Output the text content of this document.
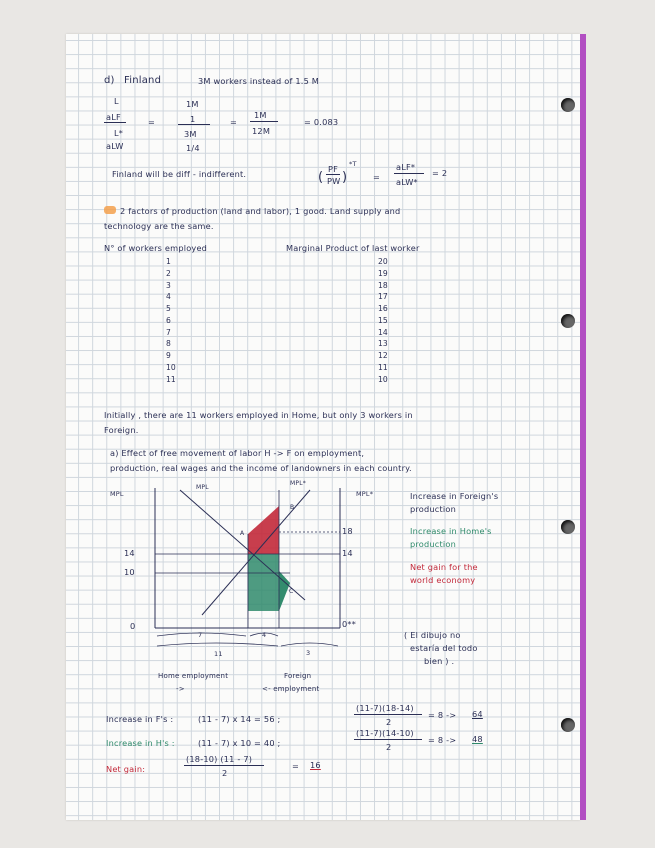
d) Finland	3M workers instead of 1.5 M
L
aLF
L*
aLW
=
1M
1
3M
1/4
=
1M
12M
= 0.083
Finland will be diff - indifferent.	(
PF
PW )
*T
=
aLF*
aLW*
= 2
2 factors of production (land and labor), 1 good. Land supply and
technology are the same.
N° of workers employed	Marginal Product of last worker
1	20
2	19
3	18
4	17
5	16
6	15
7	14
8	13
9	12
10	11
11	10
Initially , there are 11 workers employed in Home, but only 3 workers in
Foreign.
a) Effect of free movement of labor H -> F on employment,
production, real wages and the income of landowners in each country.
MPL	MPL*
MPL
MPL*
A
B
C
14
10
0
18
14
0**
7	4
11	3
Home employment
->
Foreign
<- employment
Increase in Foreign's
production
Increase in Home's
production
Net gain for the
world economy
( El dibujo no
estaría del todo
bien ) .
Increase in F's :	(11 - 7) x 14 = 56 ;
(11-7)(18-14)
2
= 8 -> 64
Increase in H's :	(11 - 7) x 10 = 40 ;
(11-7)(14-10)
2
= 8 -> 48
Net gain:
(18-10) (11 - 7)
2
= 16
